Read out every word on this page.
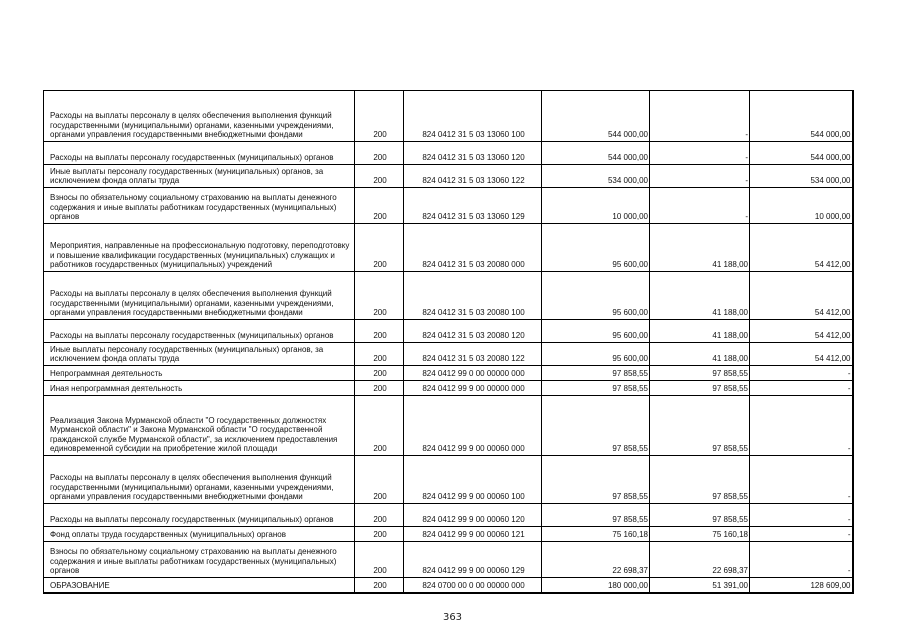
Расходы на выплаты персоналу в целях обеспечения выполнения функций государственными (муниципальными) органами, казенными учреждениями, органами управления государственными внебюджетными фондами	200	824 0412 31 5 03 13060 100	544 000,00	-	544 000,00
Расходы на выплаты персоналу государственных (муниципальных) органов	200	824 0412 31 5 03 13060 120	544 000,00	-	544 000,00
Иные выплаты персоналу государственных (муниципальных) органов, за исключением фонда оплаты труда	200	824 0412 31 5 03 13060 122	534 000,00	-	534 000,00
Взносы по обязательному социальному страхованию на выплаты денежного содержания и иные выплаты работникам государственных (муниципальных) органов	200	824 0412 31 5 03 13060 129	10 000,00	-	10 000,00
Мероприятия, направленные на профессиональную подготовку, переподготовку и повышение квалификации государственных (муниципальных) служащих и работников государственных (муниципальных) учреждений	200	824 0412 31 5 03 20080 000	95 600,00	41 188,00	54 412,00
Расходы на выплаты персоналу в целях обеспечения выполнения функций государственными (муниципальными) органами, казенными учреждениями, органами управления государственными внебюджетными фондами	200	824 0412 31 5 03 20080 100	95 600,00	41 188,00	54 412,00
Расходы на выплаты персоналу государственных (муниципальных) органов	200	824 0412 31 5 03 20080 120	95 600,00	41 188,00	54 412,00
Иные выплаты персоналу государственных (муниципальных) органов, за исключением фонда оплаты труда	200	824 0412 31 5 03 20080 122	95 600,00	41 188,00	54 412,00
Непрограммная деятельность	200	824 0412 99 0 00 00000 000	97 858,55	97 858,55	-
Иная непрограммная деятельность	200	824 0412 99 9 00 00000 000	97 858,55	97 858,55	-
Реализация Закона Мурманской области "О государственных должностях Мурманской области" и Закона Мурманской области "О государственной гражданской службе Мурманской области", за исключением предоставления единовременной субсидии на приобретение жилой площади	200	824 0412 99 9 00 00060 000	97 858,55	97 858,55	-
Расходы на выплаты персоналу в целях обеспечения выполнения функций государственными (муниципальными) органами, казенными учреждениями, органами управления государственными внебюджетными фондами	200	824 0412 99 9 00 00060 100	97 858,55	97 858,55	-
Расходы на выплаты персоналу государственных (муниципальных) органов	200	824 0412 99 9 00 00060 120	97 858,55	97 858,55	-
Фонд оплаты труда государственных (муниципальных) органов	200	824 0412 99 9 00 00060 121	75 160,18	75 160,18	-
Взносы по обязательному социальному страхованию на выплаты денежного содержания и иные выплаты работникам государственных (муниципальных) органов	200	824 0412 99 9 00 00060 129	22 698,37	22 698,37	-
ОБРАЗОВАНИЕ	200	824 0700 00 0 00 00000 000	180 000,00	51 391,00	128 609,00
363
